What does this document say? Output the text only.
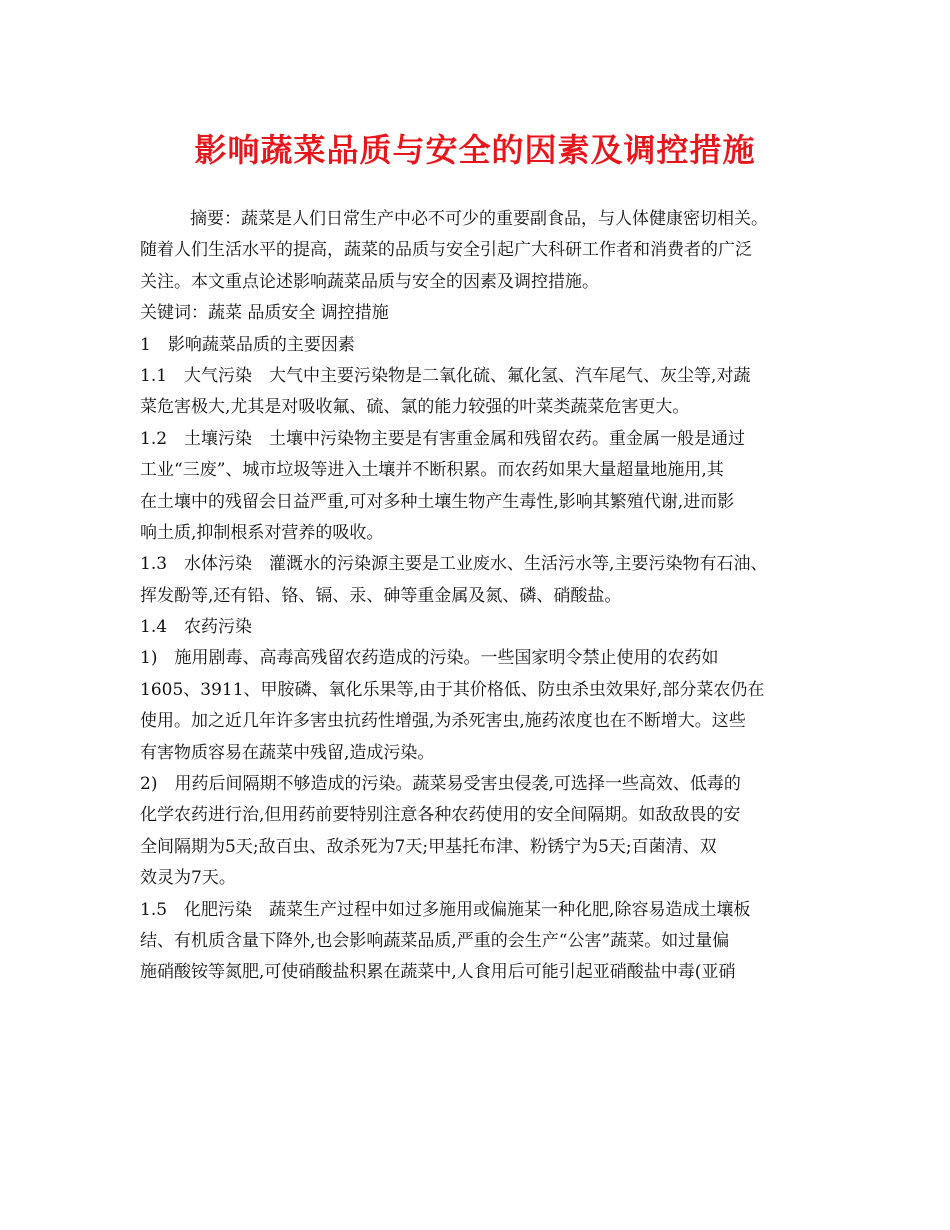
影响蔬菜品质与安全的因素及调控措施

摘要：蔬菜是人们日常生产中必不可少的重要副食品，与人体健康密切相关。

随着人们生活水平的提高，蔬菜的品质与安全引起广大科研工作者和消费者的广泛

关注。本文重点论述影响蔬菜品质与安全的因素及调控措施。

关键词：蔬菜 品质安全 调控措施

1　影响蔬菜品质的主要因素

1.1　大气污染　大气中主要污染物是二氧化硫、氟化氢、汽车尾气、灰尘等,对蔬

菜危害极大,尤其是对吸收氟、硫、氯的能力较强的叶菜类蔬菜危害更大。

1.2　土壤污染　土壤中污染物主要是有害重金属和残留农药。重金属一般是通过

工业“三废”、城市垃圾等进入土壤并不断积累。而农药如果大量超量地施用,其

在土壤中的残留会日益严重,可对多种土壤生物产生毒性,影响其繁殖代谢,进而影

响土质,抑制根系对营养的吸收。

1.3　水体污染　灌溉水的污染源主要是工业废水、生活污水等,主要污染物有石油、

挥发酚等,还有铅、铬、镉、汞、砷等重金属及氮、磷、硝酸盐。

1.4　农药污染

1)　施用剧毒、高毒高残留农药造成的污染。一些国家明令禁止使用的农药如

1605、3911、甲胺磷、氧化乐果等,由于其价格低、防虫杀虫效果好,部分菜农仍在

使用。加之近几年许多害虫抗药性增强,为杀死害虫,施药浓度也在不断增大。这些

有害物质容易在蔬菜中残留,造成污染。

2)　用药后间隔期不够造成的污染。蔬菜易受害虫侵袭,可选择一些高效、低毒的

化学农药进行治,但用药前要特别注意各种农药使用的安全间隔期。如敌敌畏的安

全间隔期为5天;敌百虫、敌杀死为7天;甲基托布津、粉锈宁为5天;百菌清、双

效灵为7天。

1.5　化肥污染　蔬菜生产过程中如过多施用或偏施某一种化肥,除容易造成土壤板

结、有机质含量下降外,也会影响蔬菜品质,严重的会生产“公害”蔬菜。如过量偏

施硝酸铵等氮肥,可使硝酸盐积累在蔬菜中,人食用后可能引起亚硝酸盐中毒(亚硝
